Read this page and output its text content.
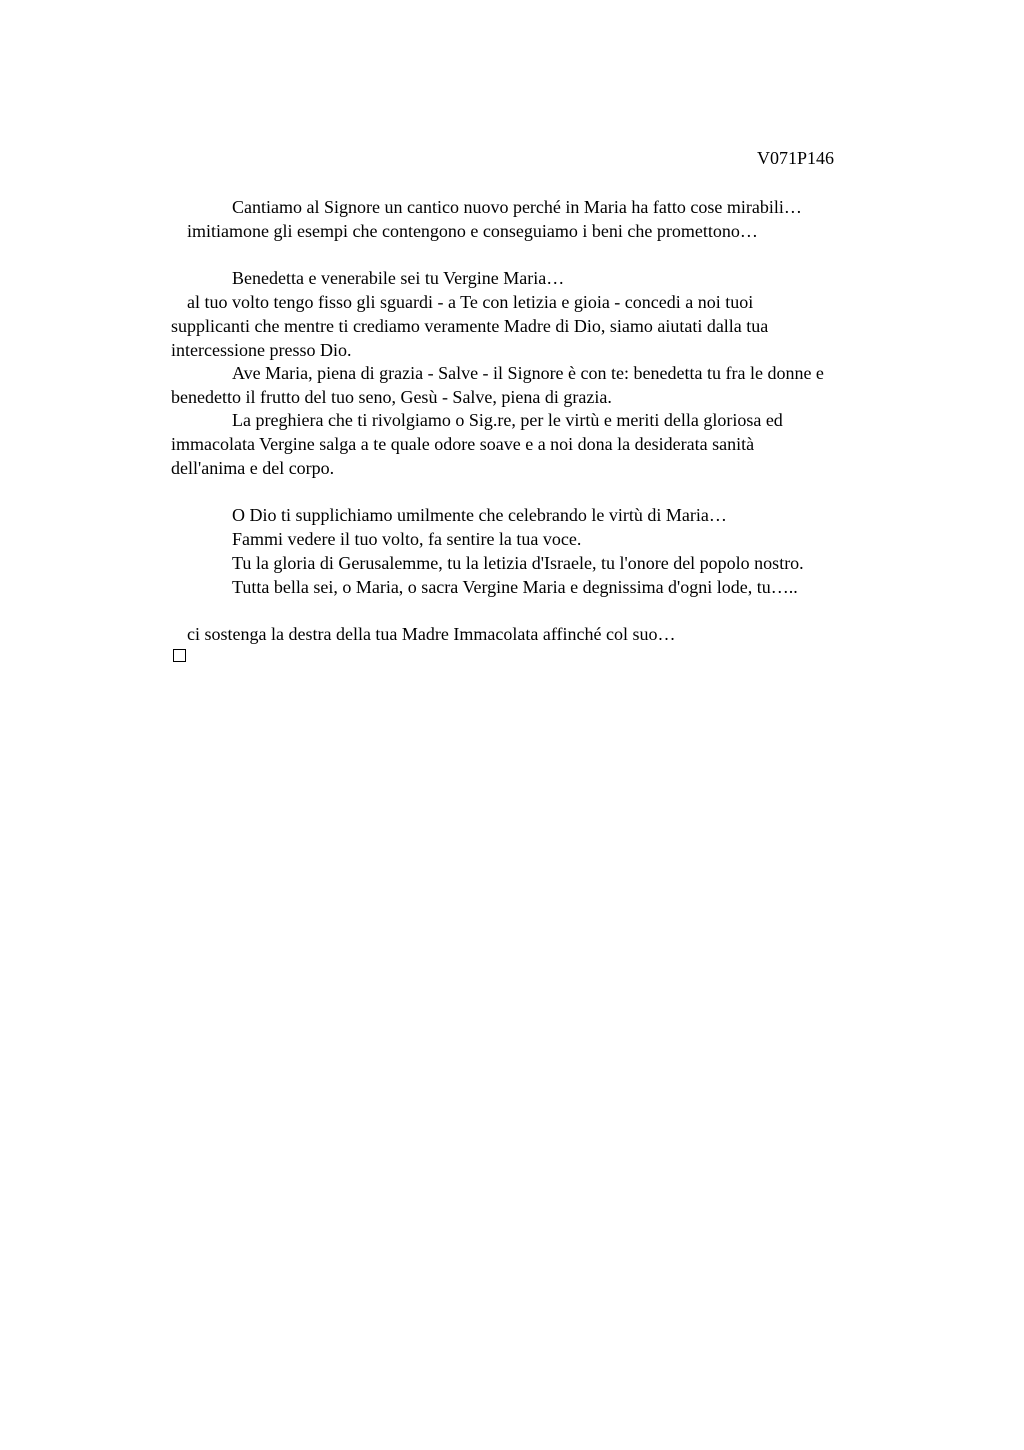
V071P146
Cantiamo al Signore un cantico nuovo perché in Maria ha fatto cose mirabili…
imitiamone gli esempi che contengono e conseguiamo i beni che promettono…
Benedetta e venerabile sei tu Vergine Maria…
al tuo volto tengo fisso gli sguardi - a Te con letizia e gioia - concedi a noi tuoi
supplicanti che mentre ti crediamo veramente Madre di Dio, siamo aiutati dalla tua
intercessione presso Dio.
Ave Maria, piena di grazia - Salve - il Signore è con te: benedetta tu fra le donne e
benedetto il frutto del tuo seno, Gesù - Salve, piena di grazia.
La preghiera che ti rivolgiamo o Sig.re, per le virtù e meriti della gloriosa ed
immacolata Vergine salga a te quale odore soave e a noi dona la desiderata sanità
dell'anima e del corpo.
O Dio ti supplichiamo umilmente che celebrando le virtù di Maria…
Fammi vedere il tuo volto, fa sentire la tua voce.
Tu la gloria di Gerusalemme, tu la letizia d'Israele, tu l'onore del popolo nostro.
Tutta bella sei, o Maria, o sacra Vergine Maria e degnissima d'ogni lode, tu…..
ci sostenga la destra della tua Madre Immacolata affinché col suo…
